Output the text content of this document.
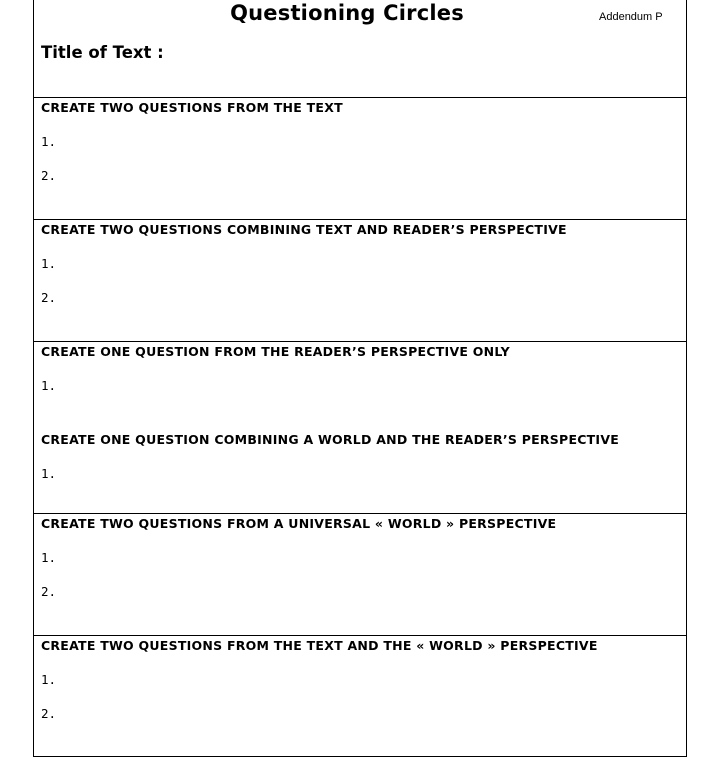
Questioning Circles	Addendum P
Title of Text :
CREATE TWO QUESTIONS FROM THE TEXT
1.
2.
CREATE TWO QUESTIONS COMBINING TEXT AND READER’S PERSPECTIVE
1.
2.
CREATE ONE QUESTION FROM THE READER’S PERSPECTIVE ONLY
1.
CREATE ONE QUESTION COMBINING A WORLD AND THE READER’S PERSPECTIVE
1.
CREATE TWO QUESTIONS FROM A UNIVERSAL « WORLD » PERSPECTIVE
1.
2.
CREATE TWO QUESTIONS FROM THE TEXT AND THE « WORLD » PERSPECTIVE
1.
2.
